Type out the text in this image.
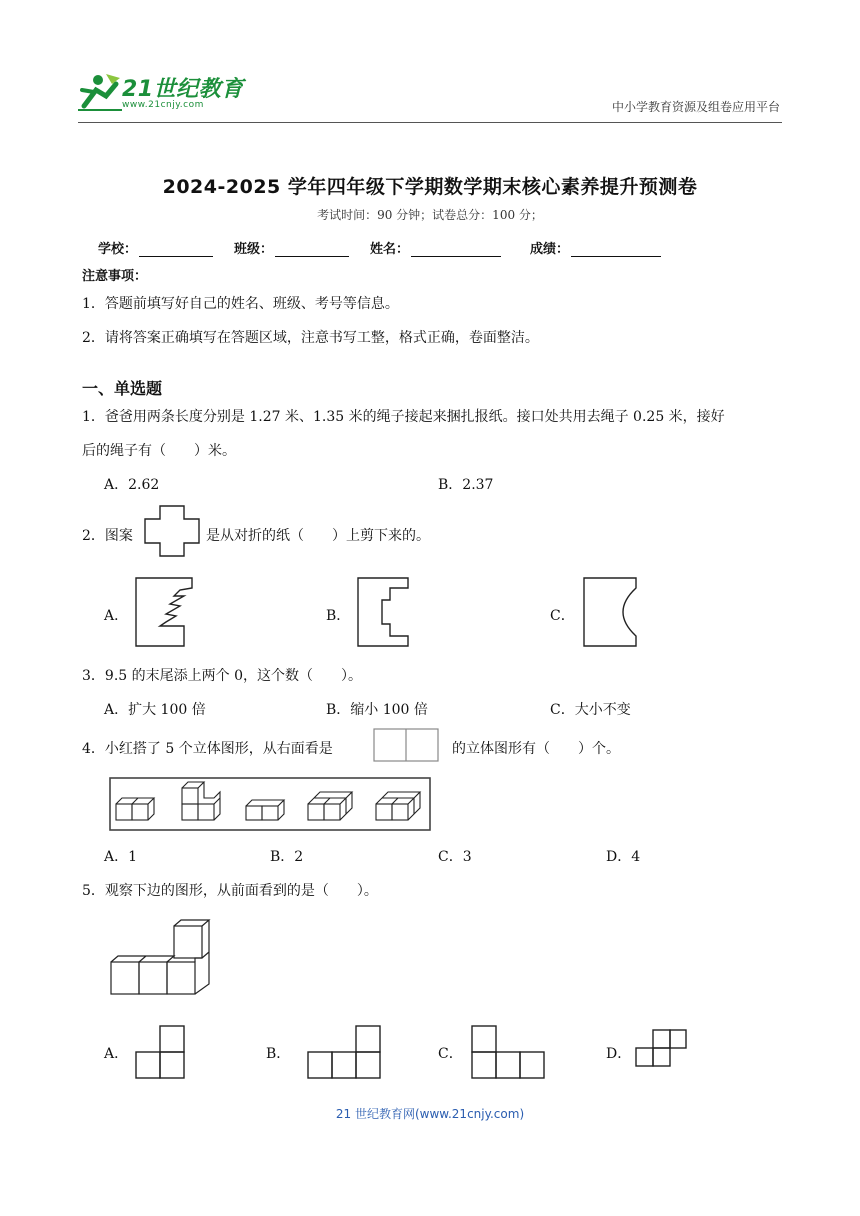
21世纪教育
www.21cnjy.com	中小学教育资源及组卷应用平台
2024-2025 学年四年级下学期数学期末核心素养提升预测卷
考试时间：90 分钟；试卷总分：100 分；
学校：	班级：	姓名：	成绩：
注意事项：
1．答题前填写好自己的姓名、班级、考号等信息。
2．请将答案正确填写在答题区域，注意书写工整，格式正确，卷面整洁。
一、单选题
1．爸爸用两条长度分别是 1.27 米、1.35 米的绳子接起来捆扎报纸。接口处共用去绳子 0.25 米，接好
后的绳子有（　　）米。
A．2.62	B．2.37
2．图案	是从对折的纸（　　）上剪下来的。
A．	B．	C．
3．9.5 的末尾添上两个 0，这个数（　　）。
A．扩大 100 倍	B．缩小 100 倍	C．大小不变
4．小红搭了 5 个立体图形，从右面看是	的立体图形有（　　）个。
A．1	B．2	C．3	D．4
5．观察下边的图形，从前面看到的是（　　）。
A．	B．	C．	D．
21 世纪教育网(www.21cnjy.com)
